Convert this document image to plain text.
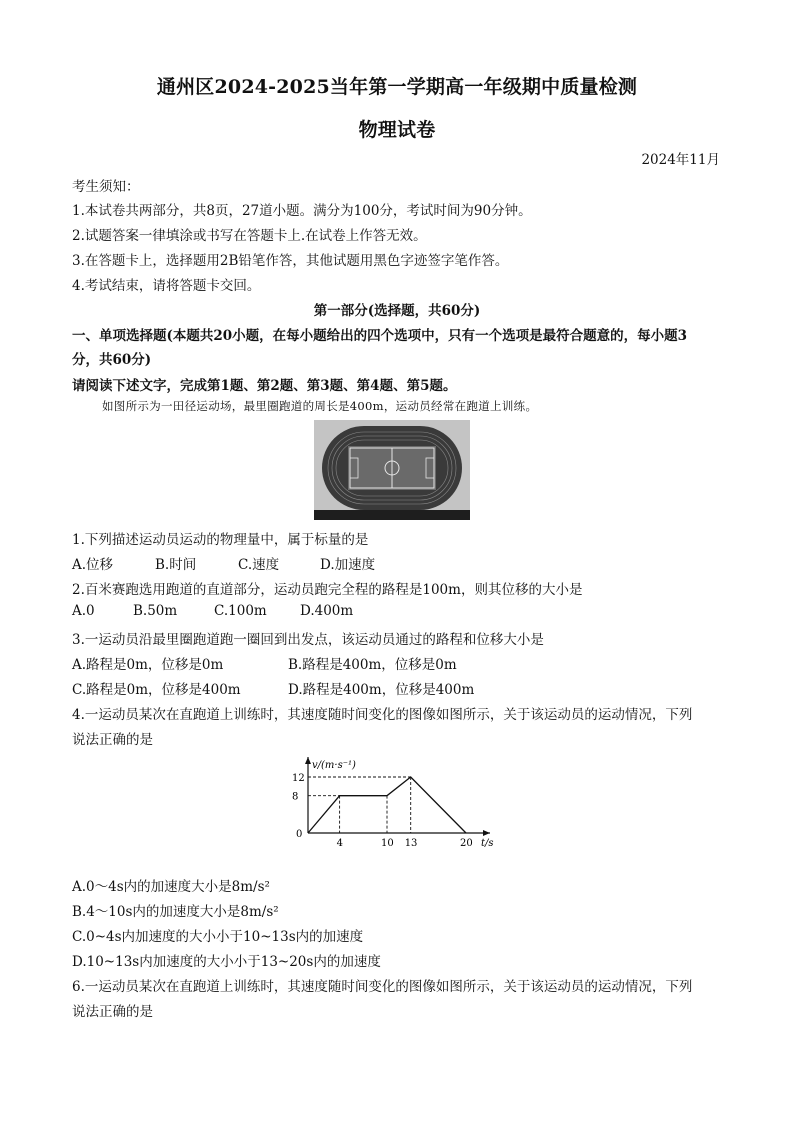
通州区2024-2025当年第一学期高一年级期中质量检测
物理试卷
2024年11月
考生须知：
1.本试卷共两部分，共8页，27道小题。满分为100分，考试时间为90分钟。
2.试题答案一律填涂或书写在答题卡上.在试卷上作答无效。
3.在答题卡上，选择题用2B铅笔作答，其他试题用黑色字迹签字笔作答。
4.考试结束，请将答题卡交回。
第一部分(选择题，共60分)
一、单项选择题(本题共20小题，在每小题给出的四个选项中，只有一个选项是最符合题意的，每小题3
分，共60分)
请阅读下述文字，完成第1题、第2题、第3题、第4题、第5题。
如图所示为一田径运动场，最里圈跑道的周长是400m，运动员经常在跑道上训练。
1.下列描述运动员运动的物理量中，属于标量的是
A.位移	B.时间	C.速度	D.加速度
2.百米赛跑选用跑道的直道部分，运动员跑完全程的路程是100m，则其位移的大小是
A.0	B.50m	C.100m D.400m
3.一运动员沿最里圈跑道跑一圈回到出发点，该运动员通过的路程和位移大小是
A.路程是0m，位移是0m	B.路程是400m，位移是0m
C.路程是0m，位移是400m	D.路程是400m，位移是400m
4.一运动员某次在直跑道上训练时，其速度随时间变化的图像如图所示，关于该运动员的运动情况，下列
说法正确的是
v/(m·s⁻¹)
t/s
0
12
8
4	10 13	20
A.0～4s内的加速度大小是8m/s²
B.4～10s内的加速度大小是8m/s²
C.0~4s内加速度的大小小于10~13s内的加速度
D.10~13s内加速度的大小小于13~20s内的加速度
6.一运动员某次在直跑道上训练时，其速度随时间变化的图像如图所示，关于该运动员的运动情况，下列
说法正确的是
